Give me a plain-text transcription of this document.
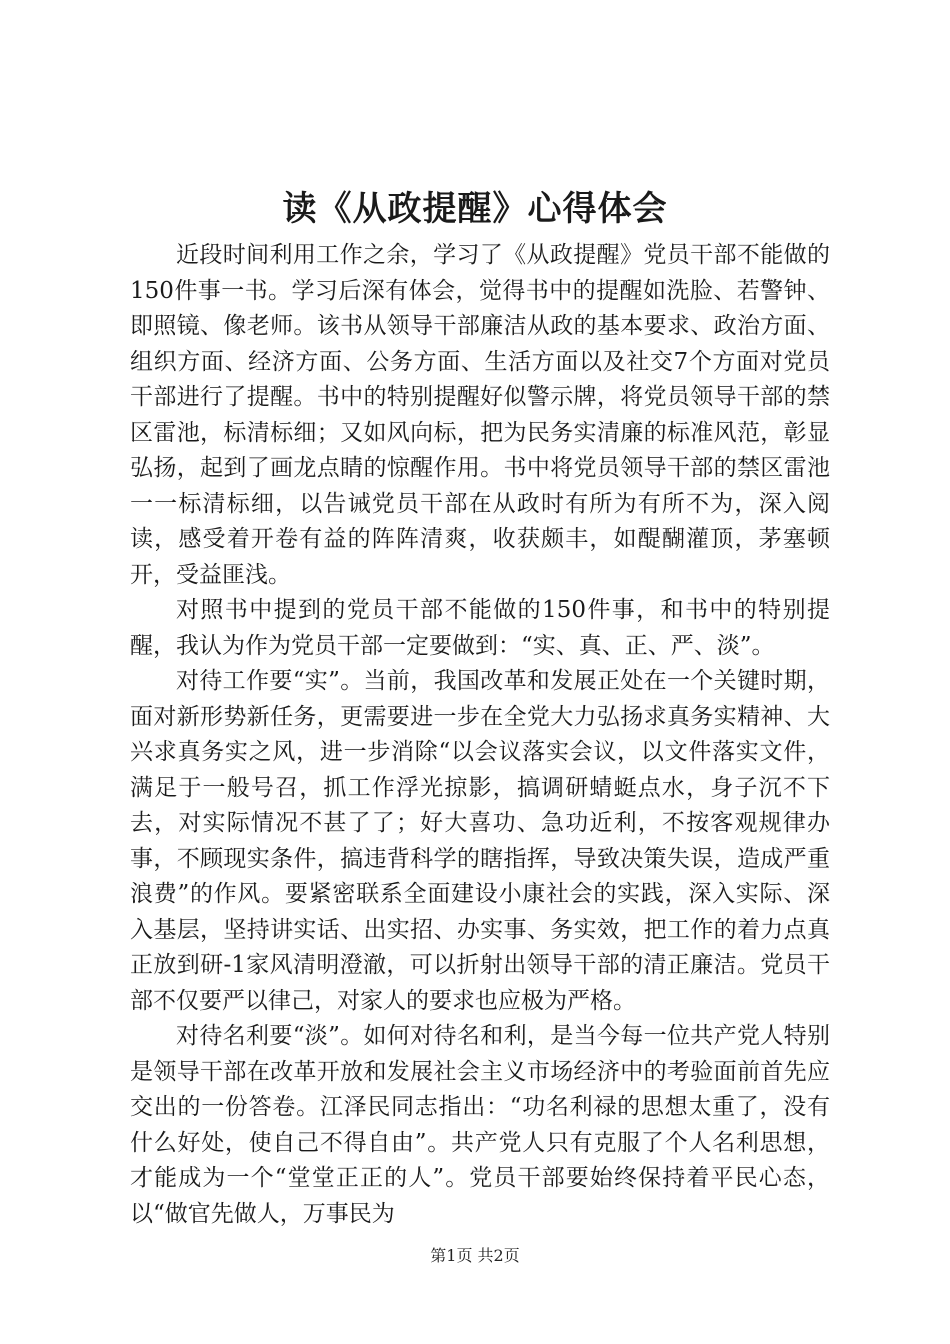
读《从政提醒》心得体会

近段时间利用工作之余，学习了《从政提醒》党员干部不能做的150件事一书。学习后深有体会，觉得书中的提醒如洗脸、若警钟、即照镜、像老师。该书从领导干部廉洁从政的基本要求、政治方面、组织方面、经济方面、公务方面、生活方面以及社交7个方面对党员干部进行了提醒。书中的特别提醒好似警示牌，将党员领导干部的禁区雷池，标清标细；又如风向标，把为民务实清廉的标准风范，彰显弘扬，起到了画龙点睛的惊醒作用。书中将党员领导干部的禁区雷池一一标清标细，以告诫党员干部在从政时有所为有所不为，深入阅读，感受着开卷有益的阵阵清爽，收获颇丰，如醍醐灌顶，茅塞顿开，受益匪浅。

对照书中提到的党员干部不能做的150件事，和书中的特别提醒，我认为作为党员干部一定要做到：“实、真、正、严、淡”。

对待工作要“实”。当前，我国改革和发展正处在一个关键时期，面对新形势新任务，更需要进一步在全党大力弘扬求真务实精神、大兴求真务实之风，进一步消除“以会议落实会议，以文件落实文件，满足于一般号召，抓工作浮光掠影，搞调研蜻蜓点水，身子沉不下去，对实际情况不甚了了；好大喜功、急功近利，不按客观规律办事，不顾现实条件，搞违背科学的瞎指挥，导致决策失误，造成严重浪费”的作风。要紧密联系全面建设小康社会的实践，深入实际、深入基层，坚持讲实话、出实招、办实事、务实效，把工作的着力点真正放到研-1家风清明澄澈，可以折射出领导干部的清正廉洁。党员干部不仅要严以律己，对家人的要求也应极为严格。

对待名利要“淡”。如何对待名和利，是当今每一位共产党人特别是领导干部在改革开放和发展社会主义市场经济中的考验面前首先应交出的一份答卷。江泽民同志指出：“功名利禄的思想太重了，没有什么好处，使自己不得自由”。共产党人只有克服了个人名利思想，才能成为一个“堂堂正正的人”。党员干部要始终保持着平民心态，以“做官先做人，万事民为

第1页 共2页
